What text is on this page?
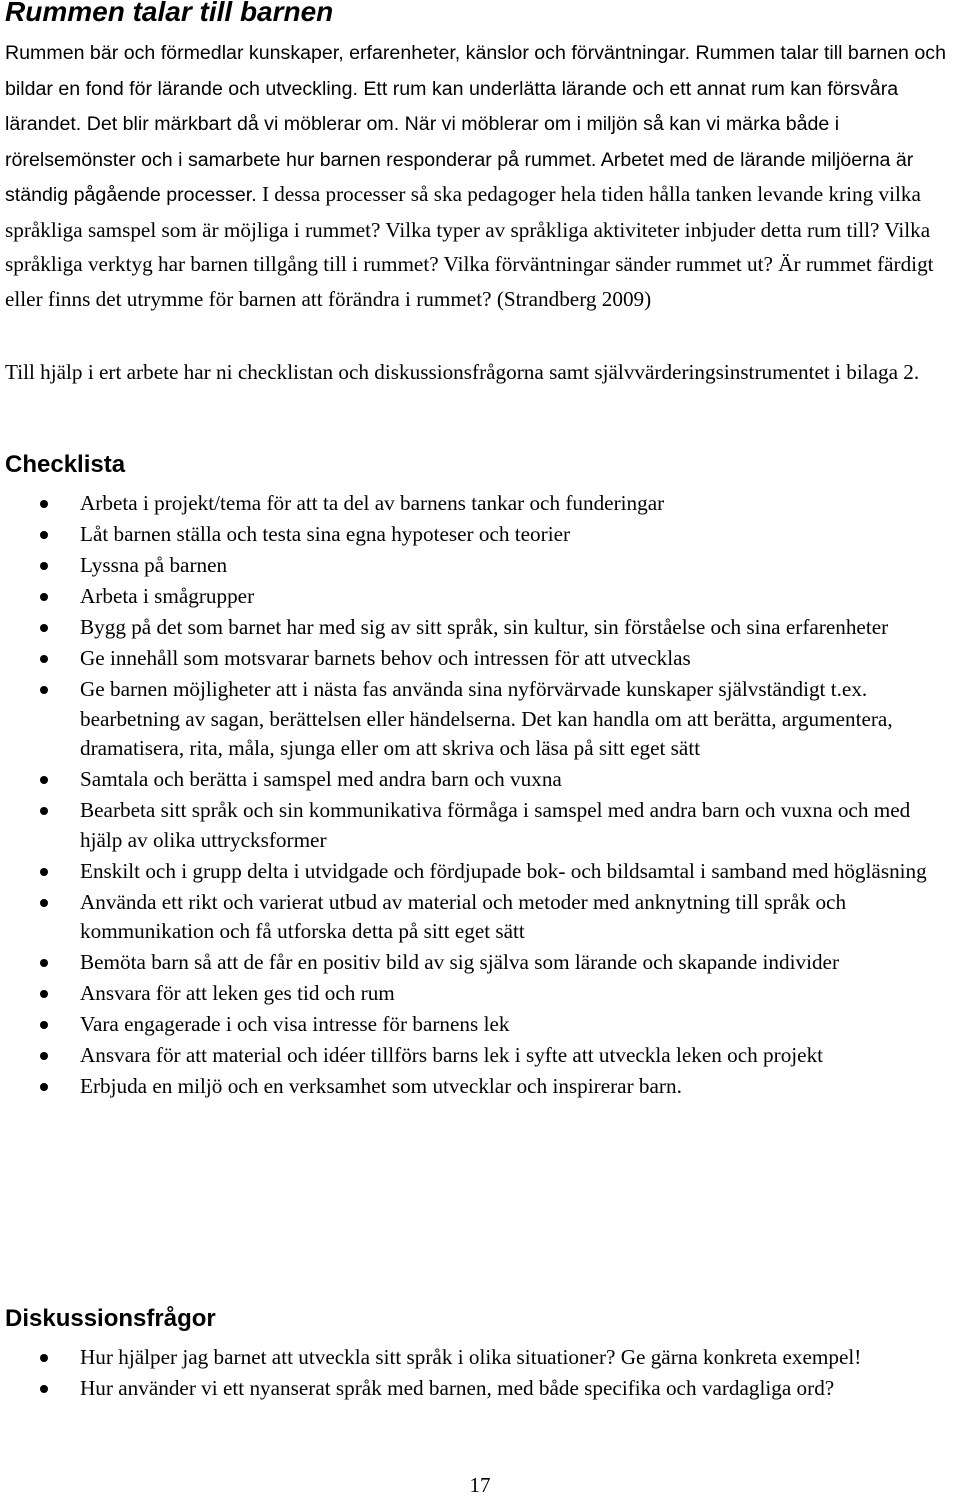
Rummen talar till barnen

Rummen bär och förmedlar kunskaper, erfarenheter, känslor och förväntningar. Rummen talar till barnen och bildar en fond för lärande och utveckling. Ett rum kan underlätta lärande och ett annat rum kan försvåra lärandet. Det blir märkbart då vi möblerar om. När vi möblerar om i miljön så kan vi märka både i rörelsemönster och i samarbete hur barnen responderar på rummet. Arbetet med de lärande miljöerna är ständig pågående processer. I dessa processer så ska pedagoger hela tiden hålla tanken levande kring vilka språkliga samspel som är möjliga i rummet? Vilka typer av språkliga aktiviteter inbjuder detta rum till? Vilka språkliga verktyg har barnen tillgång till i rummet? Vilka förväntningar sänder rummet ut? Är rummet färdigt eller finns det utrymme för barnen att förändra i rummet? (Strandberg 2009)

Till hjälp i ert arbete har ni checklistan och diskussionsfrågorna samt självvärderingsinstrumentet i bilaga 2.

Checklista
Arbeta i projekt/tema för att ta del av barnens tankar och funderingar
Låt barnen ställa och testa sina egna hypoteser och teorier
Lyssna på barnen
Arbeta i smågrupper
Bygg på det som barnet har med sig av sitt språk, sin kultur, sin förståelse och sina erfarenheter
Ge innehåll som motsvarar barnets behov och intressen för att utvecklas
Ge barnen möjligheter att i nästa fas använda sina nyförvärvade kunskaper självständigt t.ex. bearbetning av sagan, berättelsen eller händelserna. Det kan handla om att berätta, argumentera, dramatisera, rita, måla, sjunga eller om att skriva och läsa på sitt eget sätt
Samtala och berätta i samspel med andra barn och vuxna
Bearbeta sitt språk och sin kommunikativa förmåga i samspel med andra barn och vuxna och med hjälp av olika uttrycksformer
Enskilt och i grupp delta i utvidgade och fördjupade bok- och bildsamtal i samband med högläsning
Använda ett rikt och varierat utbud av material och metoder med anknytning till språk och kommunikation och få utforska detta på sitt eget sätt
Bemöta barn så att de får en positiv bild av sig själva som lärande och skapande individer
Ansvara för att leken ges tid och rum
Vara engagerade i och visa intresse för barnens lek
Ansvara för att material och idéer tillförs barns lek i syfte att utveckla leken och projekt
Erbjuda en miljö och en verksamhet som utvecklar och inspirerar barn.
Diskussionsfrågor
Hur hjälper jag barnet att utveckla sitt språk i olika situationer? Ge gärna konkreta exempel!
Hur använder vi ett nyanserat språk med barnen, med både specifika och vardagliga ord?
17
